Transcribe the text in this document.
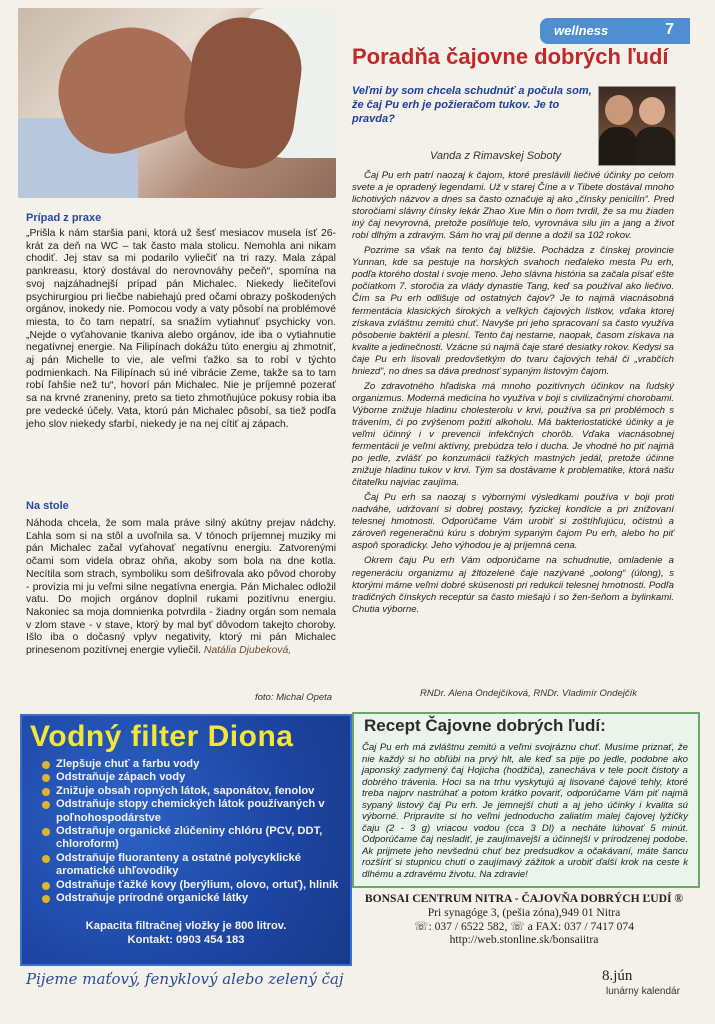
wellness	7
Poradňa čajovne dobrých ľudí
Veľmi by som chcela schudnúť a počula som, že čaj Pu erh je požieračom tukov. Je to pravda?
Vanda z Rimavskej Soboty

Čaj Pu erh patrí naozaj k čajom, ktoré preslávili liečivé účinky po celom svete a je opradený legendami. Už v starej Číne a v Tibete dostával mnoho lichotivých názvov a dnes sa často označuje aj ako „čínsky penicilín“. Pred storočiami slávny čínsky lekár Zhao Xue Min o ňom tvrdil, že sa mu žiaden iný čaj nevyrovná, pretože posilňuje telo, vyrovnáva silu jin a jang a život robí dlhým a zdravým. Sám ho vraj pil denne a dožil sa 102 rokov.

Pozrime sa však na tento čaj bližšie. Pochádza z čínskej provincie Yunnan, kde sa pestuje na horských svahoch neďaleko mesta Pu erh, podľa ktorého dostal i svoje meno. Jeho slávna história sa začala písať ešte počiatkom 7. storočia za vlády dynastie Tang, keď sa používal ako liečivo. Čím sa Pu erh odlišuje od ostatných čajov? Je to najmä viacnásobná fermentácia klasických širokých a veľkých čajových lístkov, vďaka ktorej získava zvláštnu zemitú chuť. Navyše pri jeho spracovaní sa často využíva pôsobenie baktérií a plesní. Tento čaj nestarne, naopak, časom získava na kvalite a jedinečnosti. Vzácne sú najmä čaje staré desiatky rokov. Kedysi sa čaje Pu erh lisovali predovšetkým do tvaru čajových tehál či „vrabčích hniezd“, no dnes sa dáva prednosť sypaným listovým čajom.

Zo zdravotného hľadiska má mnoho pozitívnych účinkov na ľudský organizmus. Moderná medicína ho využíva v boji s civilizačnými chorobami. Výborne znižuje hladinu cholesterolu v krvi, používa sa pri problémoch s trávením, či po zvýšenom požití alkoholu. Má bakteriostatické účinky a je veľmi účinný i v prevencii infekčných chorôb. Vďaka viacnásobnej fermentácii je veľmi aktívny, prebúdza telo i ducha. Je vhodné ho piť najmä po jedle, zvlášť po konzumácii ťažkých mastných jedál, pretože účinne znižuje hladinu tukov v krvi. Tým sa dostávame k problematike, ktorá našu čitateľku najviac zaujíma.

Čaj Pu erh sa naozaj s výbornými výsledkami používa v boji proti nadváhe, udržovaní si dobrej postavy, fyzickej kondície a pri znižovaní telesnej hmotnosti. Odporúčame Vám urobiť si zoštíhľujúcu, očistnú a zároveň regeneračnú kúru s dobrým sypaným čajom Pu erh, alebo ho piť aspoň sporadicky. Jeho výhodou je aj príjemná cena.

Okrem čaju Pu erh Vám odporúčame na schudnutie, omladenie a regeneráciu organizmu aj žltozelené čaje nazývané „oolong“ (úlong), s ktorými máme veľmi dobré skúsenosti pri redukcii telesnej hmotnosti. Podľa tradičných čínskych receptúr sa často miešajú i so žen-šeňom a bylinkami. Chutia výborne.

RNDr. Alena Ondejčíková, RNDr. Vladimír Ondejčík
Prípad z praxe

„Prišla k nám staršia pani, ktorá už šesť mesiacov musela ísť 26-krát za deň na WC – tak často mala stolicu. Nemohla ani nikam chodiť. Jej stav sa mi podarilo vyliečiť na tri razy. Mala zápal pankreasu, ktorý dostával do nerovnováhy pečeň“, spomína na svoj najzáhadnejší prípad pán Michalec. Niekedy liečiteľovi psychirurgiou pri liečbe nabiehajú pred očami obrazy poškodených orgánov, inokedy nie. Pomocou vody a vaty pôsobí na problémové miesta, to čo tam nepatrí, sa snažím vytiahnuť psychicky von. „Nejde o vyťahovanie tkaniva alebo orgánov, ide iba o vytiahnutie negatívnej energie. Na Filipínach dokážu túto energiu aj zhmotniť, aj pán Michelle to vie, ale veľmi ťažko sa to robí v týchto podmienkach. Na Filipínach sú iné vibrácie Zeme, takže sa to tam robí ľahšie než tu“, hovorí pán Michalec. Nie je príjemné pozerať sa na krvné zraneniny, preto sa tieto zhmotňujúce pokusy robia iba pre vedecké účely. Vata, ktorú pán Michalec pôsobí, sa tiež podľa jeho slov niekedy sfarbí, niekedy je na nej cítiť aj zápach.

Na stole

Náhoda chcela, že som mala práve silný akútny prejav nádchy. Ľahla som si na stôl a uvoľnila sa. V tónoch príjemnej muziky mi pán Michalec začal vyťahovať negatívnu energiu. Zatvorenými očami som videla obraz ohňa, akoby som bola na dne kotla. Necítila som strach, symboliku som dešifrovala ako pôvod choroby - provízia mi ju veľmi silne negatívna energia. Pán Michalec odložil vatu. Do mojich orgánov doplnil rukami pozitívnu energiu. Nakoniec sa moja domnienka potvrdila - žiadny orgán som nemala v zlom stave - v stave, ktorý by mal byť dôvodom takejto choroby. Išlo iba o dočasný vplyv negativity, ktorý mi pán Michalec prinesenom pozitívnej energie vyliečil. Natália Djubeková,

foto: Michal Opeta
Vodný filter Diona
Zlepšuje chuť a farbu vody
Odstraňuje zápach vody
Znižuje obsah ropných látok, saponátov, fenolov
Odstraňuje stopy chemických látok používaných v poľnohospodárstve
Odstraňuje organické zlúčeniny chlóru (PCV, DDT, chloroform)
Odstraňuje fluoranteny a ostatné polycyklické aromatické uhľovodíky
Odstraňuje ťažké kovy (berýlium, olovo, ortuť), hliník
Odstraňuje prírodné organické látky
Kapacita filtračnej vložky je 800 litrov.
Kontakt: 0903 454 183
Pijeme maťový, fenyklový alebo zelený čaj
Recept Čajovne dobrých ľudí:
Čaj Pu erh má zvláštnu zemitú a veľmi svojráznu chuť. Musíme priznať, že nie každý si ho obľúbi na prvý hlt, ale keď sa pije po jedle, podobne ako japonský zadymený čaj Hojicha (hodžiča), zanecháva v tele pocit čistoty a dobrého trávenia. Hoci sa na trhu vyskytujú aj lisované čajové tehly, ktoré treba najprv nastrúhať a potom krátko povariť, odporúčame Vám piť najmä sypaný listový čaj Pu erh. Je jemnejší chuti a aj jeho účinky i kvalita sú výborné. Pripravíte si ho veľmi jednoducho zaliatím malej čajovej lyžičky čaju (2 - 3 g) vriacou vodou (cca 3 Dl) a necháte lúhovať 5 minút. Odporúčame čaj nesladiť, je zaujímavejší a účinnejší v prírodzenej podobe. Ak prijmete jeho nevšednú chuť bez predsudkov a očakávaní, máte šancu rozšíriť si stupnicu chutí o zaujímavý zážitok a urobiť ďalší krok na ceste k dlhému a zdravému životu. Na zdravie!
BONSAI CENTRUM NITRA - ČAJOVŇA DOBRÝCH ĽUDÍ ®
Pri synagóge 3, (pešia zóna),949 01 Nitra
☏: 037 / 6522 582, ☏ a FAX: 037 / 7417 074
http://web.stonline.sk/bonsaiitra
8.jún
lunárny kalendár
